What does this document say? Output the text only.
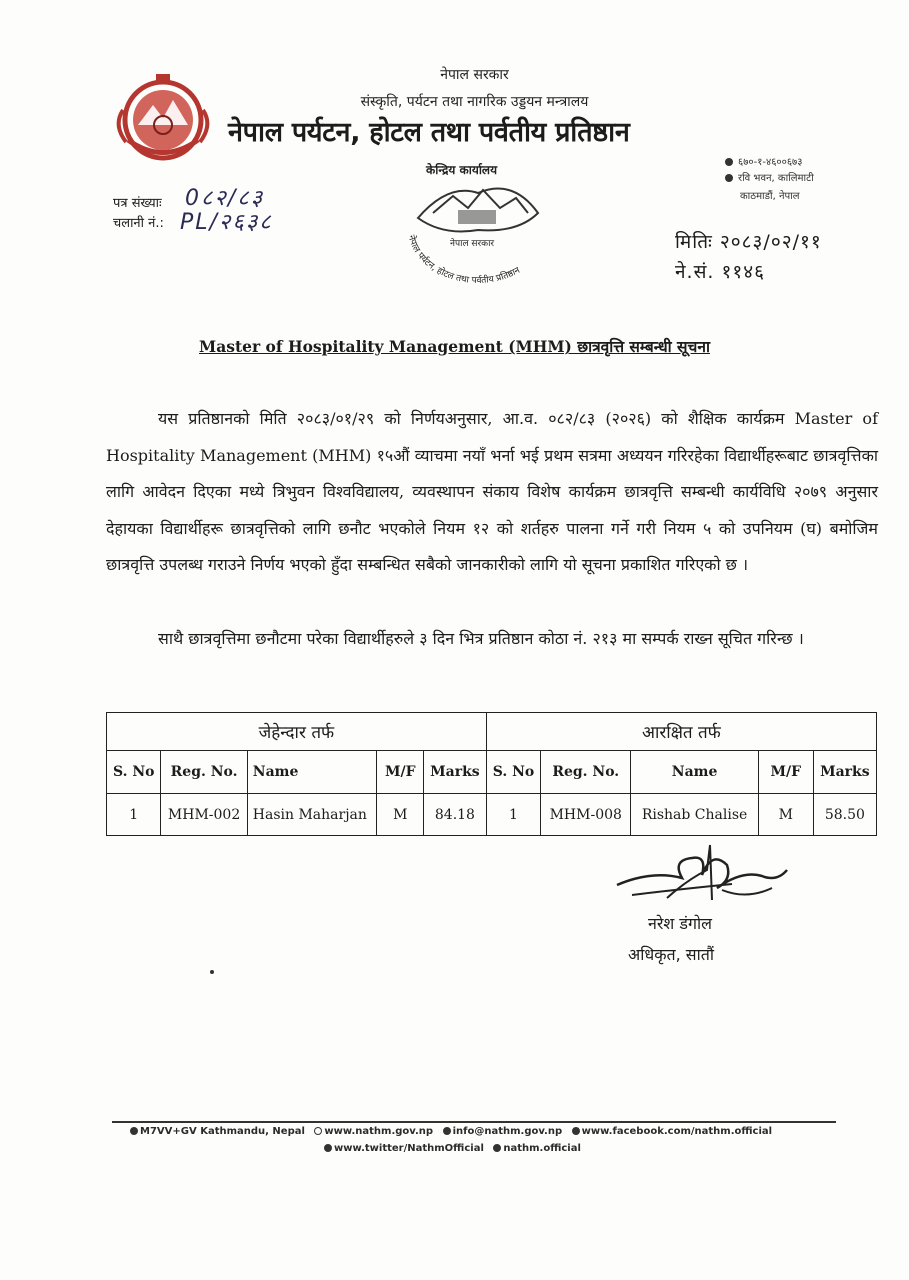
नेपाल सरकार
संस्कृति, पर्यटन तथा नागरिक उड्डयन मन्त्रालय
नेपाल पर्यटन, होटल तथा पर्वतीय प्रतिष्ठान
६७०-१-४६००६७३
रवि भवन, कालिमाटी
काठमाडौं, नेपाल
पत्र संख्याः 0८२/८३
चलानी नं.: PL/२६३८
केन्द्रिय कार्यालय
नेपाल सरकार
नेपाल पर्यटन, होटल तथा पर्वतीय प्रतिष्ठान
मितिः २०८३/०२/११
ने.सं. ११४६
Master of Hospitality Management (MHM) छात्रवृत्ति सम्बन्धी सूचना
यस प्रतिष्ठानको मिति २०८३/०१/२९ को निर्णयअनुसार, आ.व. ०८२/८३ (२०२६) को शैक्षिक कार्यक्रम Master of Hospitality Management (MHM) १५औं व्याचमा नयाँ भर्ना भई प्रथम सत्रमा अध्ययन गरिरहेका विद्यार्थीहरूबाट छात्रवृत्तिका लागि आवेदन दिएका मध्ये त्रिभुवन विश्वविद्यालय, व्यवस्थापन संकाय विशेष कार्यक्रम छात्रवृत्ति सम्बन्धी कार्यविधि २०७९ अनुसार देहायका विद्यार्थीहरू छात्रवृत्तिको लागि छनौट भएकोले नियम १२ को शर्तहरु पालना गर्ने गरी नियम ५ को उपनियम (घ) बमोजिम छात्रवृत्ति उपलब्ध गराउने निर्णय भएको हुँदा सम्बन्धित सबैको जानकारीको लागि यो सूचना प्रकाशित गरिएको छ ।
साथै छात्रवृत्तिमा छनौटमा परेका विद्यार्थीहरुले ३ दिन भित्र प्रतिष्ठान कोठा नं. २१३ मा सम्पर्क राख्न सूचित गरिन्छ ।
जेहेन्दार तर्फ					आरक्षित तर्फ				
S. No	Reg. No.	Name	M/F	Marks	S. No	Reg. No.	Name	M/F	Marks
1	MHM-002	Hasin Maharjan	M	84.18	1	MHM-008	Rishab Chalise	M	58.50
नरेश डंगोल
अधिकृत, सातौं
M7VV+GV Kathmandu, Nepal www.nathm.gov.np info@nathm.gov.np www.facebook.com/nathm.official
www.twitter/NathmOfficial nathm.official
